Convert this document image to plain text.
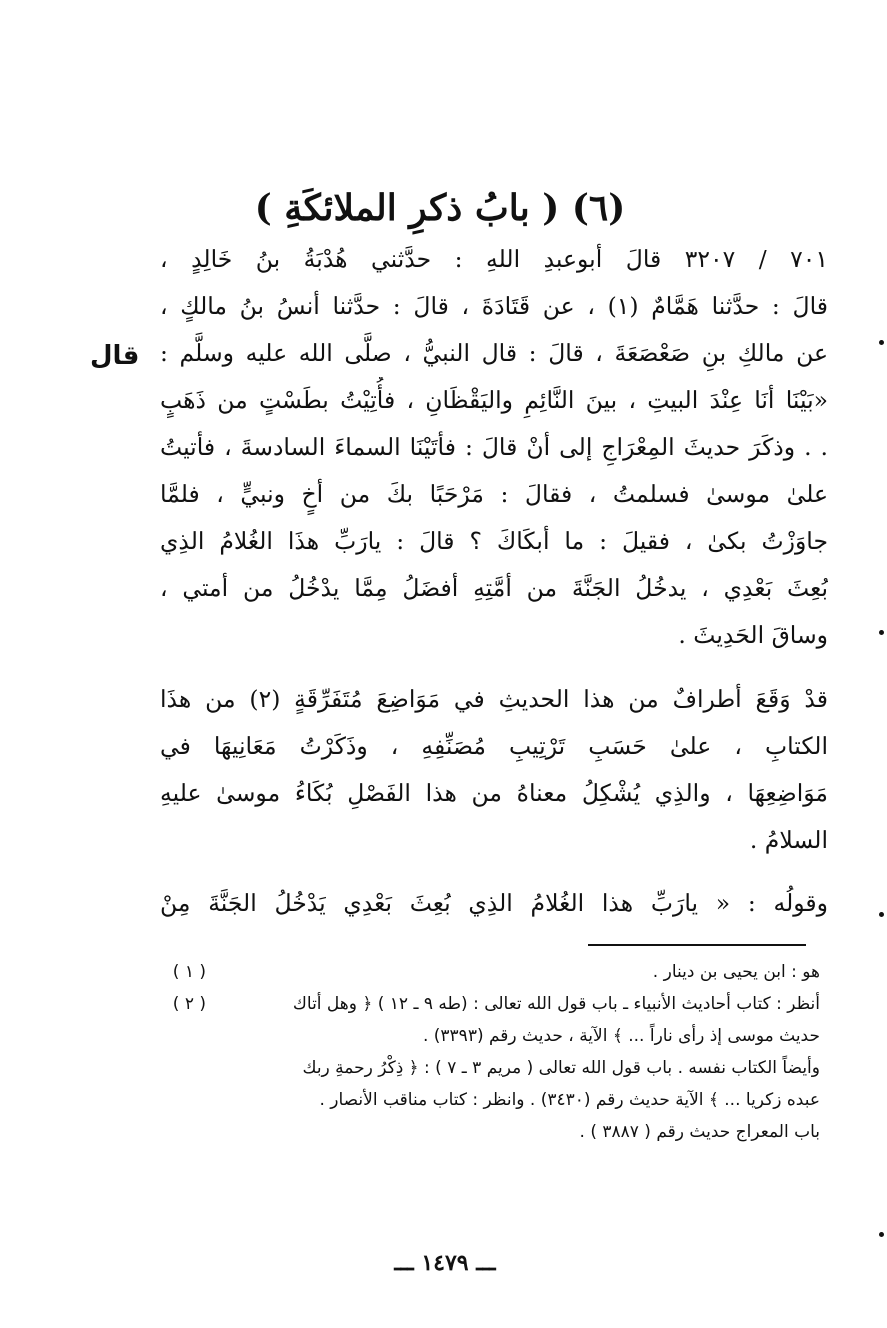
(٦) ( بابُ ذكرِ الملائكَةِ )
قال
٧٠١ / ٣٢٠٧ قالَ أبوعبدِ اللهِ : حدَّثني هُدْبَةُ بنُ خَالِدٍ ،
قالَ : حدَّثنا هَمَّامٌ (١) ، عن قَتَادَةَ ، قالَ : حدَّثنا أنسُ بنُ مالكٍ ،
عن مالكِ بنِ صَعْصَعَةَ ، قالَ : قال النبيُّ ، صلَّى الله عليه وسلَّم :
«بَيْنَا أنَا عِنْدَ البيتِ ، بينَ النَّائِمِ واليَقْظَانِ ، فأُتِيْتُ بطَسْتٍ من ذَهَبٍ
. . وذكَرَ حديثَ المِعْرَاجِ إلى أنْ قالَ : فأتَيْنَا السماءَ السادسةَ ، فأتيتُ
علىٰ موسىٰ فسلمتُ ، فقالَ : مَرْحَبًا بكَ من أخٍ ونبيٍّ ، فلمَّا
جاوَزْتُ بكىٰ ، فقيلَ : ما أبكَاكَ ؟ قالَ : يارَبِّ هذَا الغُلامُ الذِي
بُعِثَ بَعْدِي ، يدخُلُ الجَنَّةَ من أمَّتِهِ أفضَلُ مِمَّا يدْخُلُ من أمتي ،
وساقَ الحَدِيثَ .
قدْ وَقَعَ أطرافٌ من هذا الحديثِ في مَوَاضِعَ مُتَفَرِّقَةٍ (٢) من هذَا
الكتابِ ، علىٰ حَسَبِ تَرْتِيبِ مُصَنِّفِهِ ، وذَكَرْتُ مَعَانِيهَا في
مَوَاضِعِهَا ، والذِي يُشْكِلُ معناهُ من هذا الفَصْلِ بُكَاءُ موسىٰ عليهِ
السلامُ .
وقولُه : « يارَبِّ هذا الغُلامُ الذِي بُعِثَ بَعْدِي يَدْخُلُ الجَنَّةَ مِنْ
( ١ )	هو : ابن يحيى بن دينار .
( ٢ )	أنظر : كتاب أحاديث الأنبياء ـ باب قول الله تعالى : (طه ٩ ـ ١٢ ) ﴿ وهل أتاك
حديث موسى إذ رأى ناراً ... ﴾ الآية ، حديث رقم (٣٣٩٣) .
وأيضاً الكتاب نفسه . باب قول الله تعالى ( مريم ٣ ـ ٧ ) : ﴿ ذِكْرُ رحمةِ ربك
عبده زكريا ... ﴾ الآية حديث رقم (٣٤٣٠) . وانظر : كتاب مناقب الأنصار .
باب المعراج حديث رقم ( ٣٨٨٧ ) .
ـــ ١٤٧٩ ـــ
